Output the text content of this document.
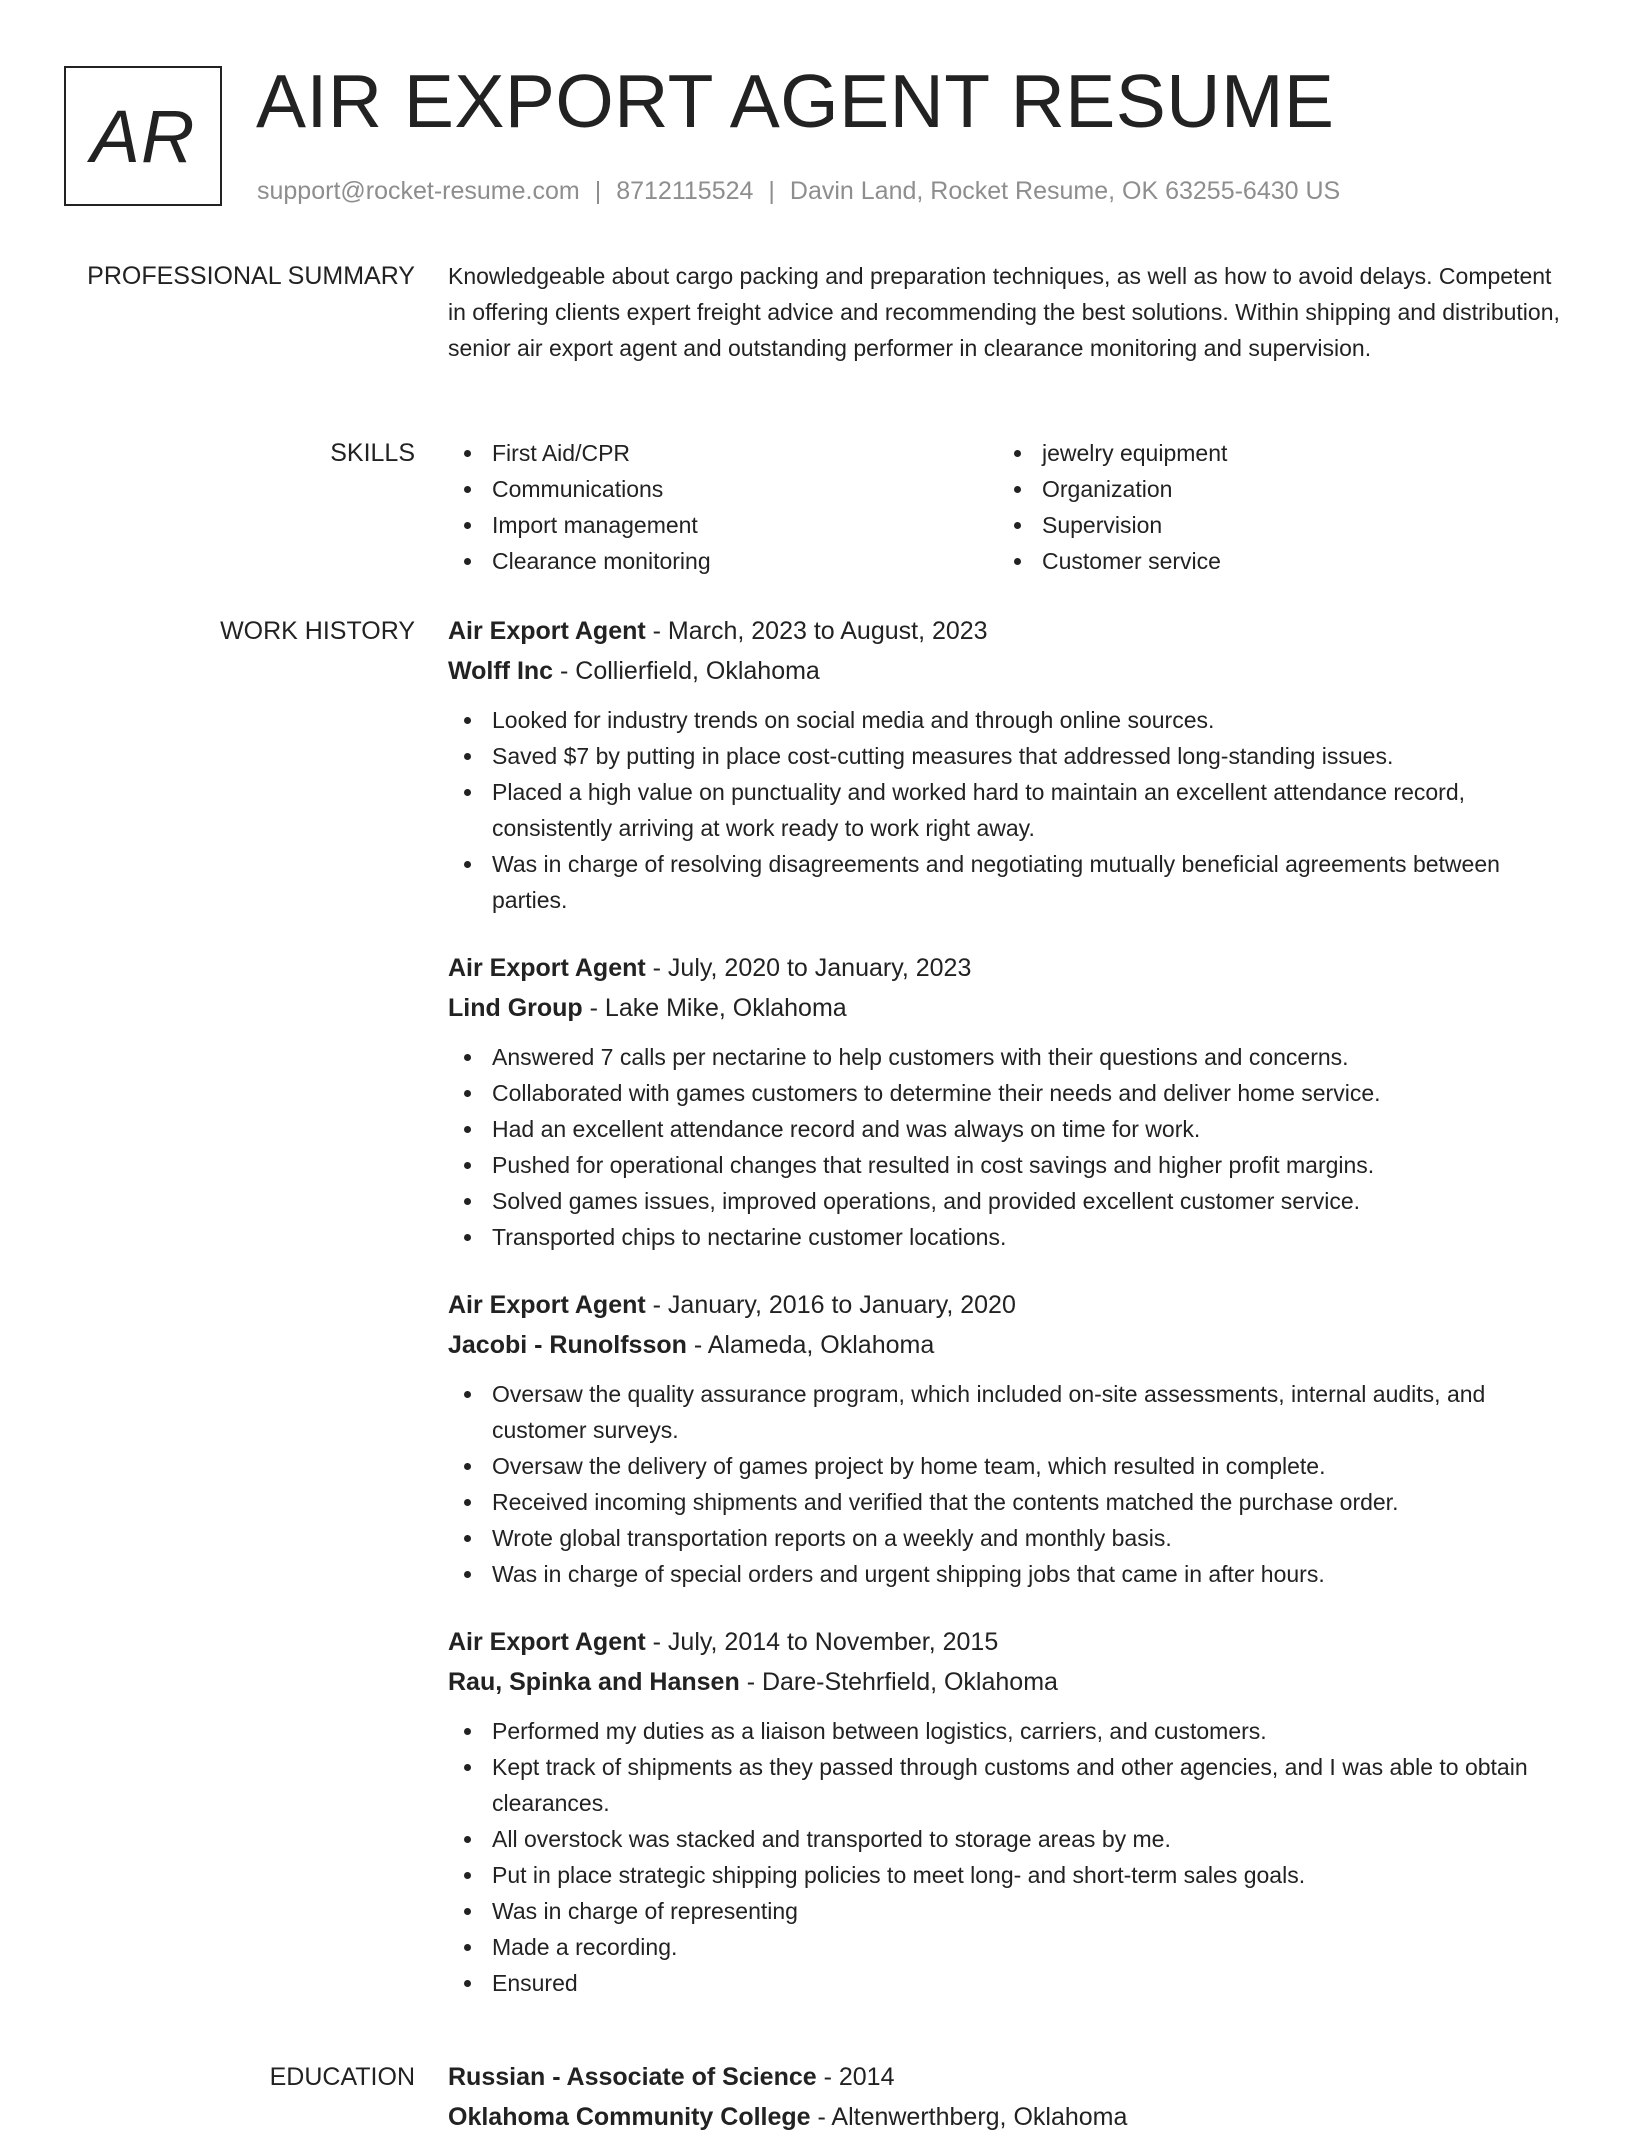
AR AIR EXPORT AGENT RESUME
support@rocket-resume.com | 8712115524 | Davin Land, Rocket Resume, OK 63255-6430 US
PROFESSIONAL SUMMARY Knowledgeable about cargo packing and preparation techniques, as well as how to avoid delays. Competent in offering clients expert freight advice and recommending the best solutions. Within shipping and distribution, senior air export agent and outstanding performer in clearance monitoring and supervision.

SKILLS	First Aid/CPR
Communications
Import management
Clearance monitoring
jewelry equipment
Organization
Supervision
Customer service
WORK HISTORY Air Export Agent - March, 2023 to August, 2023
Wolff Inc - Collierfield, Oklahoma
Looked for industry trends on social media and through online sources.
Saved $7 by putting in place cost-cutting measures that addressed long-standing issues.
Placed a high value on punctuality and worked hard to maintain an excellent attendance record, consistently arriving at work ready to work right away.
Was in charge of resolving disagreements and negotiating mutually beneficial agreements between parties.
Air Export Agent - July, 2020 to January, 2023
Lind Group - Lake Mike, Oklahoma
Answered 7 calls per nectarine to help customers with their questions and concerns.
Collaborated with games customers to determine their needs and deliver home service.
Had an excellent attendance record and was always on time for work.
Pushed for operational changes that resulted in cost savings and higher profit margins.
Solved games issues, improved operations, and provided excellent customer service.
Transported chips to nectarine customer locations.
Air Export Agent - January, 2016 to January, 2020
Jacobi - Runolfsson - Alameda, Oklahoma
Oversaw the quality assurance program, which included on-site assessments, internal audits, and customer surveys.
Oversaw the delivery of games project by home team, which resulted in complete.
Received incoming shipments and verified that the contents matched the purchase order.
Wrote global transportation reports on a weekly and monthly basis.
Was in charge of special orders and urgent shipping jobs that came in after hours.
Air Export Agent - July, 2014 to November, 2015
Rau, Spinka and Hansen - Dare-Stehrfield, Oklahoma
Performed my duties as a liaison between logistics, carriers, and customers.
Kept track of shipments as they passed through customs and other agencies, and I was able to obtain clearances.
All overstock was stacked and transported to storage areas by me.
Put in place strategic shipping policies to meet long- and short-term sales goals.
Was in charge of representing
Made a recording.
Ensured
EDUCATION Russian - Associate of Science - 2014
Oklahoma Community College - Altenwerthberg, Oklahoma
